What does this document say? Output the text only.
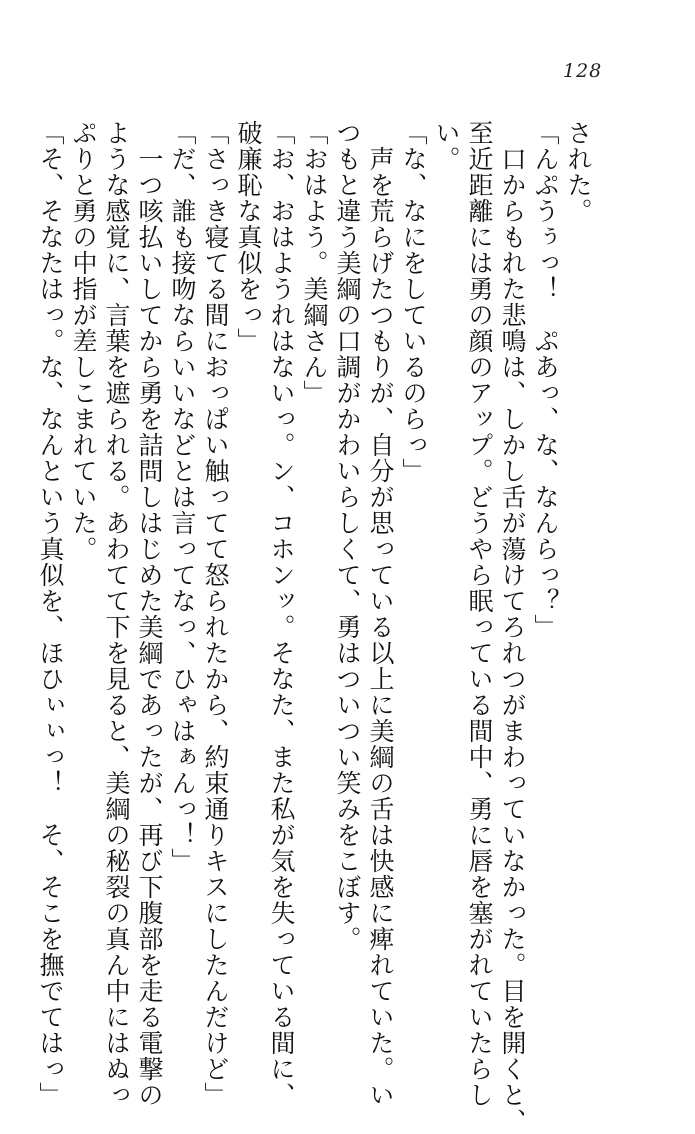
128
された。
「んぷうぅっ！　ぷあっ、な、なんらっ？」
　口からもれた悲鳴は、しかし舌が蕩けてろれつがまわっていなかった。目を開くと、
至近距離には勇の顔のアップ。どうやら眠っている間中、勇に唇を塞がれていたらし
い。
「な、なにをしているのらっ」
　声を荒らげたつもりが、自分が思っている以上に美綱の舌は快感に痺れていた。い
つもと違う美綱の口調がかわいらしくて、勇はついつい笑みをこぼす。
「おはよう。美綱さん」
「お、おはようれはないっ。ン、コホンッ。そなた、また私が気を失っている間に、
破廉恥な真似をっ」
「さっき寝てる間におっぱい触ってて怒られたから、約束通りキスにしたんだけど」
「だ、誰も接吻ならいいなどとは言ってなっ、ひゃはぁんっ！」
　一つ咳払いしてから勇を詰問しはじめた美綱であったが、再び下腹部を走る電撃の
ような感覚に、言葉を遮られる。あわてて下を見ると、美綱の秘裂の真ん中にはぬっ
ぷりと勇の中指が差しこまれていた。
「そ、そなたはっ。な、なんという真似を、ほひぃぃっ！　そ、そこを撫でてはっ」
